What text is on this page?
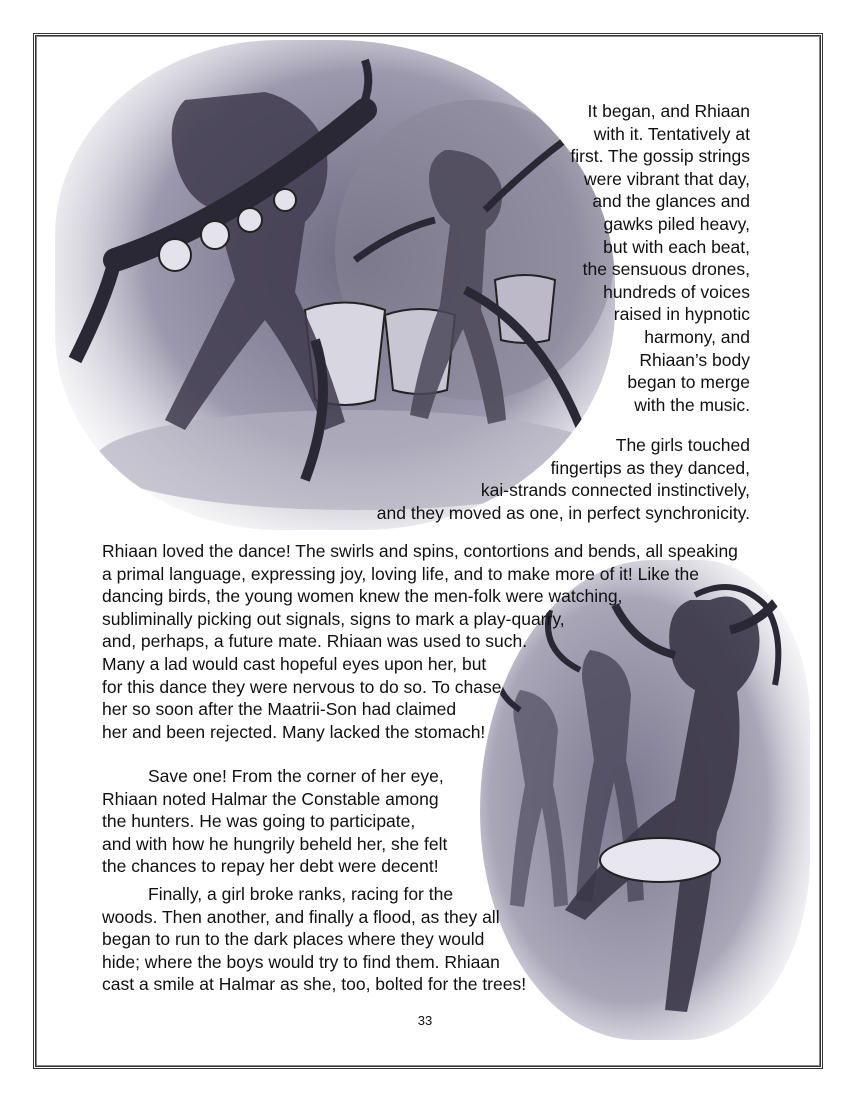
It began, and Rhiaan
with it. Tentatively at
first. The gossip strings
were vibrant that day,
and the glances and
gawks piled heavy,
but with each beat,
the sensuous drones,
hundreds of voices
raised in hypnotic
harmony, and
Rhiaan’s body
began to merge
with the music.
The girls touched
fingertips as they danced,
kai-strands connected instinctively,
and they moved as one, in perfect synchronicity.
Rhiaan loved the dance! The swirls and spins, contortions and bends, all speaking
a primal language, expressing joy, loving life, and to make more of it! Like the
dancing birds, the young women knew the men-folk were watching,
subliminally picking out signals, signs to mark a play-quarry,
and, perhaps, a future mate. Rhiaan was used to such.
Many a lad would cast hopeful eyes upon her, but
for this dance they were nervous to do so. To chase
her so soon after the Maatrii-Son had claimed
her and been rejected. Many lacked the stomach!
Save one! From the corner of her eye,
Rhiaan noted Halmar the Constable among
the hunters. He was going to participate,
and with how he hungrily beheld her, she felt
the chances to repay her debt were decent!
Finally, a girl broke ranks, racing for the
woods. Then another, and finally a flood, as they all
began to run to the dark places where they would
hide; where the boys would try to find them. Rhiaan
cast a smile at Halmar as she, too, bolted for the trees!
33
